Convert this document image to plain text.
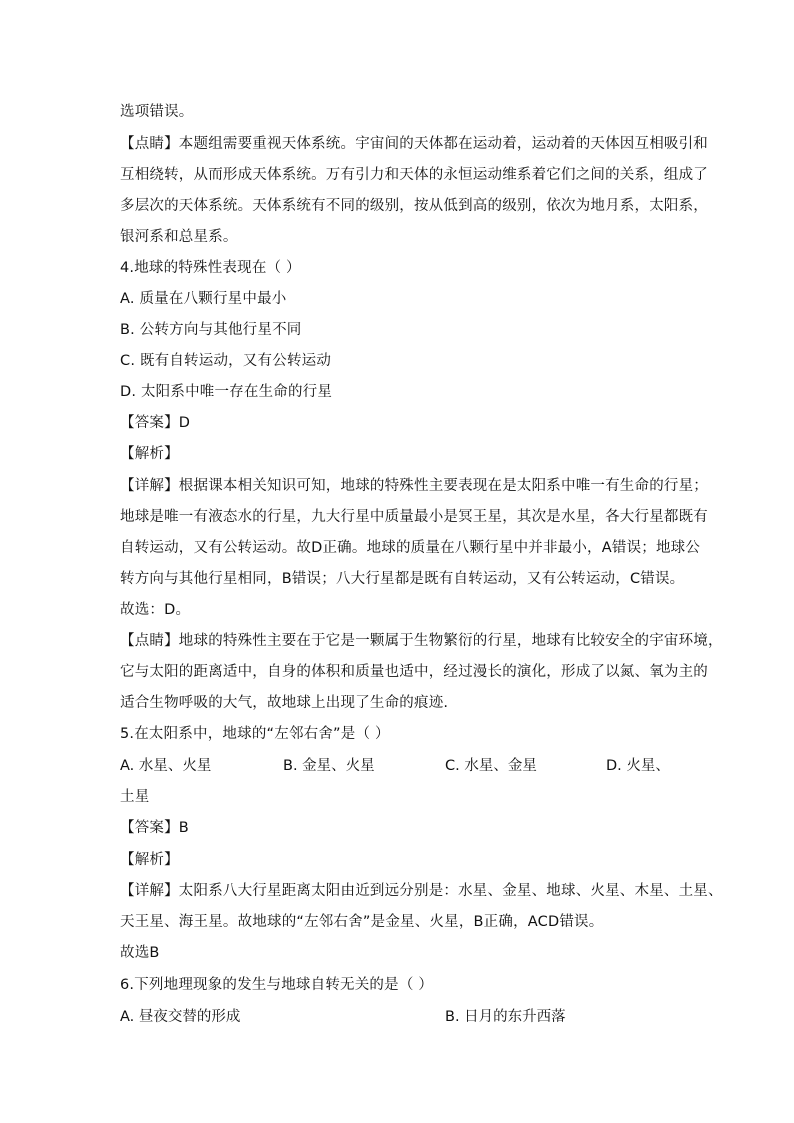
选项错误。
【点睛】本题组需要重视天体系统。宇宙间的天体都在运动着，运动着的天体因互相吸引和
互相绕转，从而形成天体系统。万有引力和天体的永恒运动维系着它们之间的关系，组成了
多层次的天体系统。天体系统有不同的级别，按从低到高的级别，依次为地月系，太阳系，
银河系和总星系。
4.地球的特殊性表现在（ ）
A. 质量在八颗行星中最小
B. 公转方向与其他行星不同
C. 既有自转运动，又有公转运动
D. 太阳系中唯一存在生命的行星
【答案】D
【解析】
【详解】根据课本相关知识可知，地球的特殊性主要表现在是太阳系中唯一有生命的行星；
地球是唯一有液态水的行星，九大行星中质量最小是冥王星，其次是水星，各大行星都既有
自转运动，又有公转运动。故D正确。地球的质量在八颗行星中并非最小，A错误；地球公
转方向与其他行星相同，B错误；八大行星都是既有自转运动，又有公转运动，C错误。
故选：D。
【点睛】地球的特殊性主要在于它是一颗属于生物繁衍的行星，地球有比较安全的宇宙环境，
它与太阳的距离适中，自身的体积和质量也适中，经过漫长的演化，形成了以氮、氧为主的
适合生物呼吸的大气，故地球上出现了生命的痕迹.
5.在太阳系中，地球的“左邻右舍”是（ ）
A. 水星、火星	B. 金星、火星	C. 水星、金星	D. 火星、
土星
【答案】B
【解析】
【详解】太阳系八大行星距离太阳由近到远分别是：水星、金星、地球、火星、木星、土星、
天王星、海王星。故地球的“左邻右舍”是金星、火星，B正确，ACD错误。
故选B
6.下列地理现象的发生与地球自转无关的是（ ）
A. 昼夜交替的形成	B. 日月的东升西落
